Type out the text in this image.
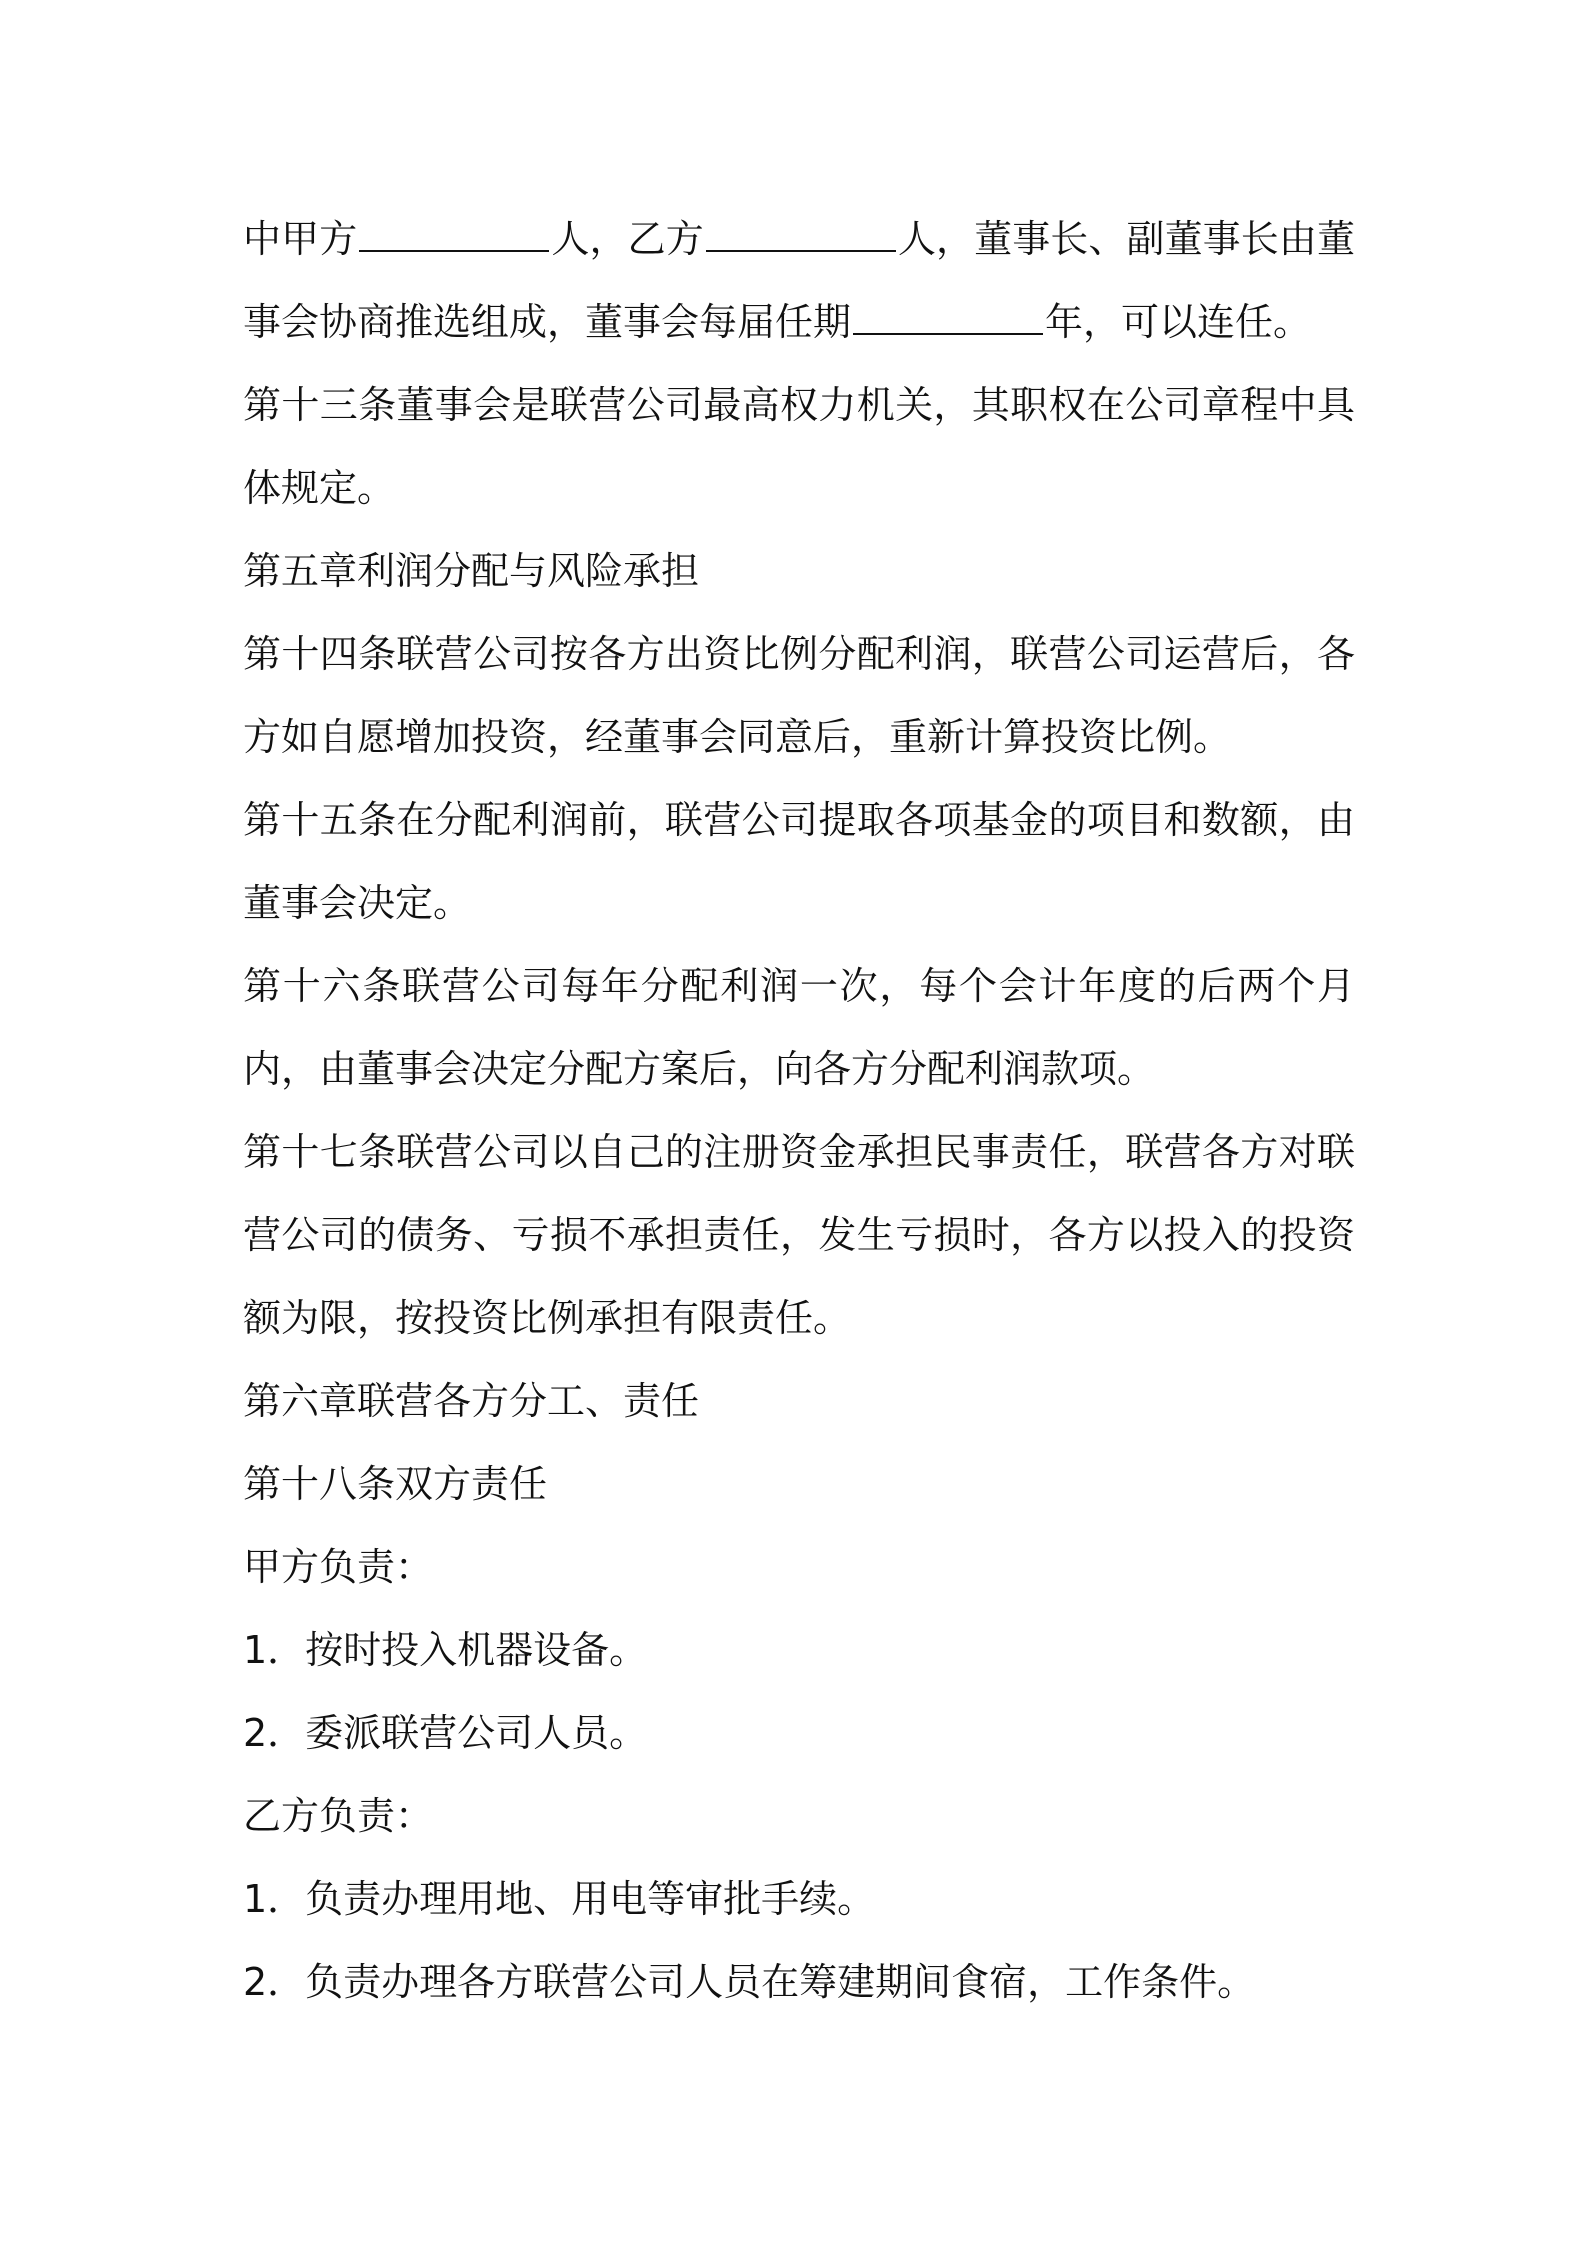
中甲方	人，乙方	人，董事长、副董事长由董事会协商推选组成，董事会每届任期	年，可以连任。

第十三条董事会是联营公司最高权力机关，其职权在公司章程中具体规定。

第五章利润分配与风险承担

第十四条联营公司按各方出资比例分配利润，联营公司运营后，各方如自愿增加投资，经董事会同意后，重新计算投资比例。

第十五条在分配利润前，联营公司提取各项基金的项目和数额，由董事会决定。

第十六条联营公司每年分配利润一次，每个会计年度的后两个月内，由董事会决定分配方案后，向各方分配利润款项。

第十七条联营公司以自己的注册资金承担民事责任，联营各方对联营公司的债务、亏损不承担责任，发生亏损时，各方以投入的投资额为限，按投资比例承担有限责任。

第六章联营各方分工、责任

第十八条双方责任

甲方负责：

1．按时投入机器设备。

2．委派联营公司人员。

乙方负责：

1．负责办理用地、用电等审批手续。

2．负责办理各方联营公司人员在筹建期间食宿，工作条件。
